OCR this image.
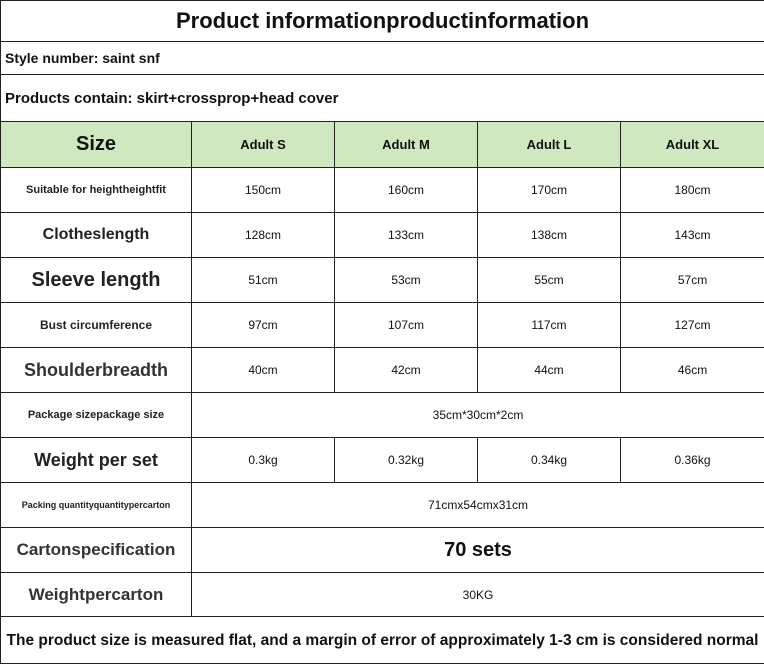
Product informationproductinformation				
Style number: saint snf				
Products contain: skirt+crossprop+head cover				
Size	Adult S	Adult M	Adult L	Adult XL
Suitable for heightheightfit	150cm	160cm	170cm	180cm
Clotheslength	128cm	133cm	138cm	143cm
Sleeve length	51cm	53cm	55cm	57cm
Bust circumference	97cm	107cm	117cm	127cm
Shoulderbreadth	40cm	42cm	44cm	46cm
Package sizepackage size	35cm*30cm*2cm			
Weight per set	0.3kg	0.32kg	0.34kg	0.36kg
Packing quantityquantitypercarton	71cmx54cmx31cm			
Cartonspecification	70 sets			
Weightpercarton	30KG			
The product size is measured flat, and a margin of error of approximately 1-3 cm is considered normal				
